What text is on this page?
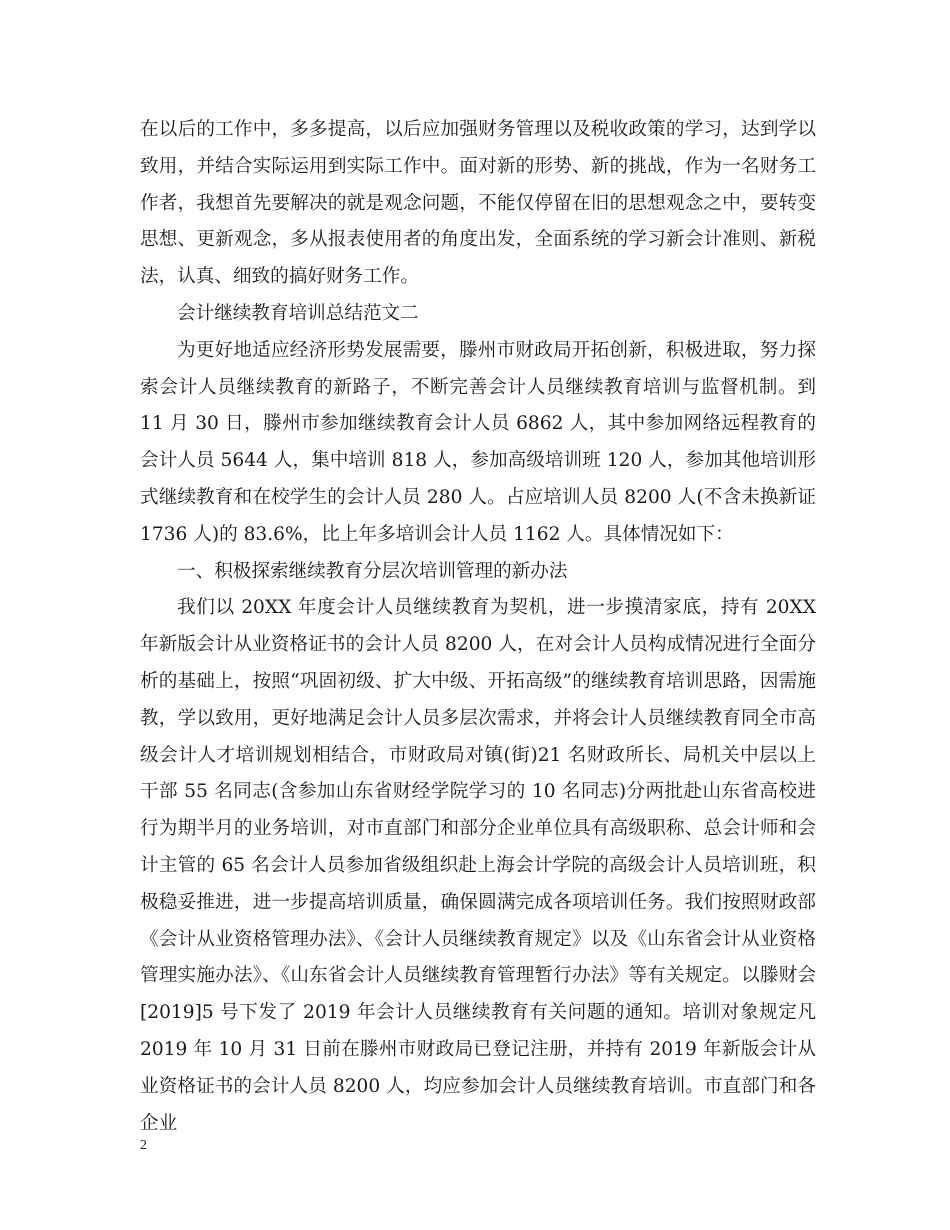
在以后的工作中，多多提高，以后应加强财务管理以及税收政策的学习，达到学以致用，并结合实际运用到实际工作中。面对新的形势、新的挑战，作为一名财务工作者，我想首先要解决的就是观念问题，不能仅停留在旧的思想观念之中，要转变思想、更新观念，多从报表使用者的角度出发，全面系统的学习新会计准则、新税法，认真、细致的搞好财务工作。

会计继续教育培训总结范文二

为更好地适应经济形势发展需要，滕州市财政局开拓创新，积极进取，努力探索会计人员继续教育的新路子，不断完善会计人员继续教育培训与监督机制。到 11 月 30 日，滕州市参加继续教育会计人员 6862 人，其中参加网络远程教育的会计人员 5644 人，集中培训 818 人，参加高级培训班 120 人，参加其他培训形式继续教育和在校学生的会计人员 280 人。占应培训人员 8200 人(不含未换新证 1736 人)的 83.6%，比上年多培训会计人员 1162 人。具体情况如下：

一、积极探索继续教育分层次培训管理的新办法

我们以 20XX 年度会计人员继续教育为契机，进一步摸清家底，持有 20XX 年新版会计从业资格证书的会计人员 8200 人，在对会计人员构成情况进行全面分析的基础上，按照“巩固初级、扩大中级、开拓高级”的继续教育培训思路，因需施教，学以致用，更好地满足会计人员多层次需求，并将会计人员继续教育同全市高级会计人才培训规划相结合，市财政局对镇(街)21 名财政所长、局机关中层以上干部 55 名同志(含参加山东省财经学院学习的 10 名同志)分两批赴山东省高校进行为期半月的业务培训，对市直部门和部分企业单位具有高级职称、总会计师和会计主管的 65 名会计人员参加省级组织赴上海会计学院的高级会计人员培训班，积极稳妥推进，进一步提高培训质量，确保圆满完成各项培训任务。我们按照财政部《会计从业资格管理办法》、《会计人员继续教育规定》以及《山东省会计从业资格管理实施办法》、《山东省会计人员继续教育管理暂行办法》等有关规定。以滕财会[2019]5 号下发了 2019 年会计人员继续教育有关问题的通知。培训对象规定凡 2019 年 10 月 31 日前在滕州市财政局已登记注册，并持有 2019 年新版会计从业资格证书的会计人员 8200 人，均应参加会计人员继续教育培训。市直部门和各企业

2
